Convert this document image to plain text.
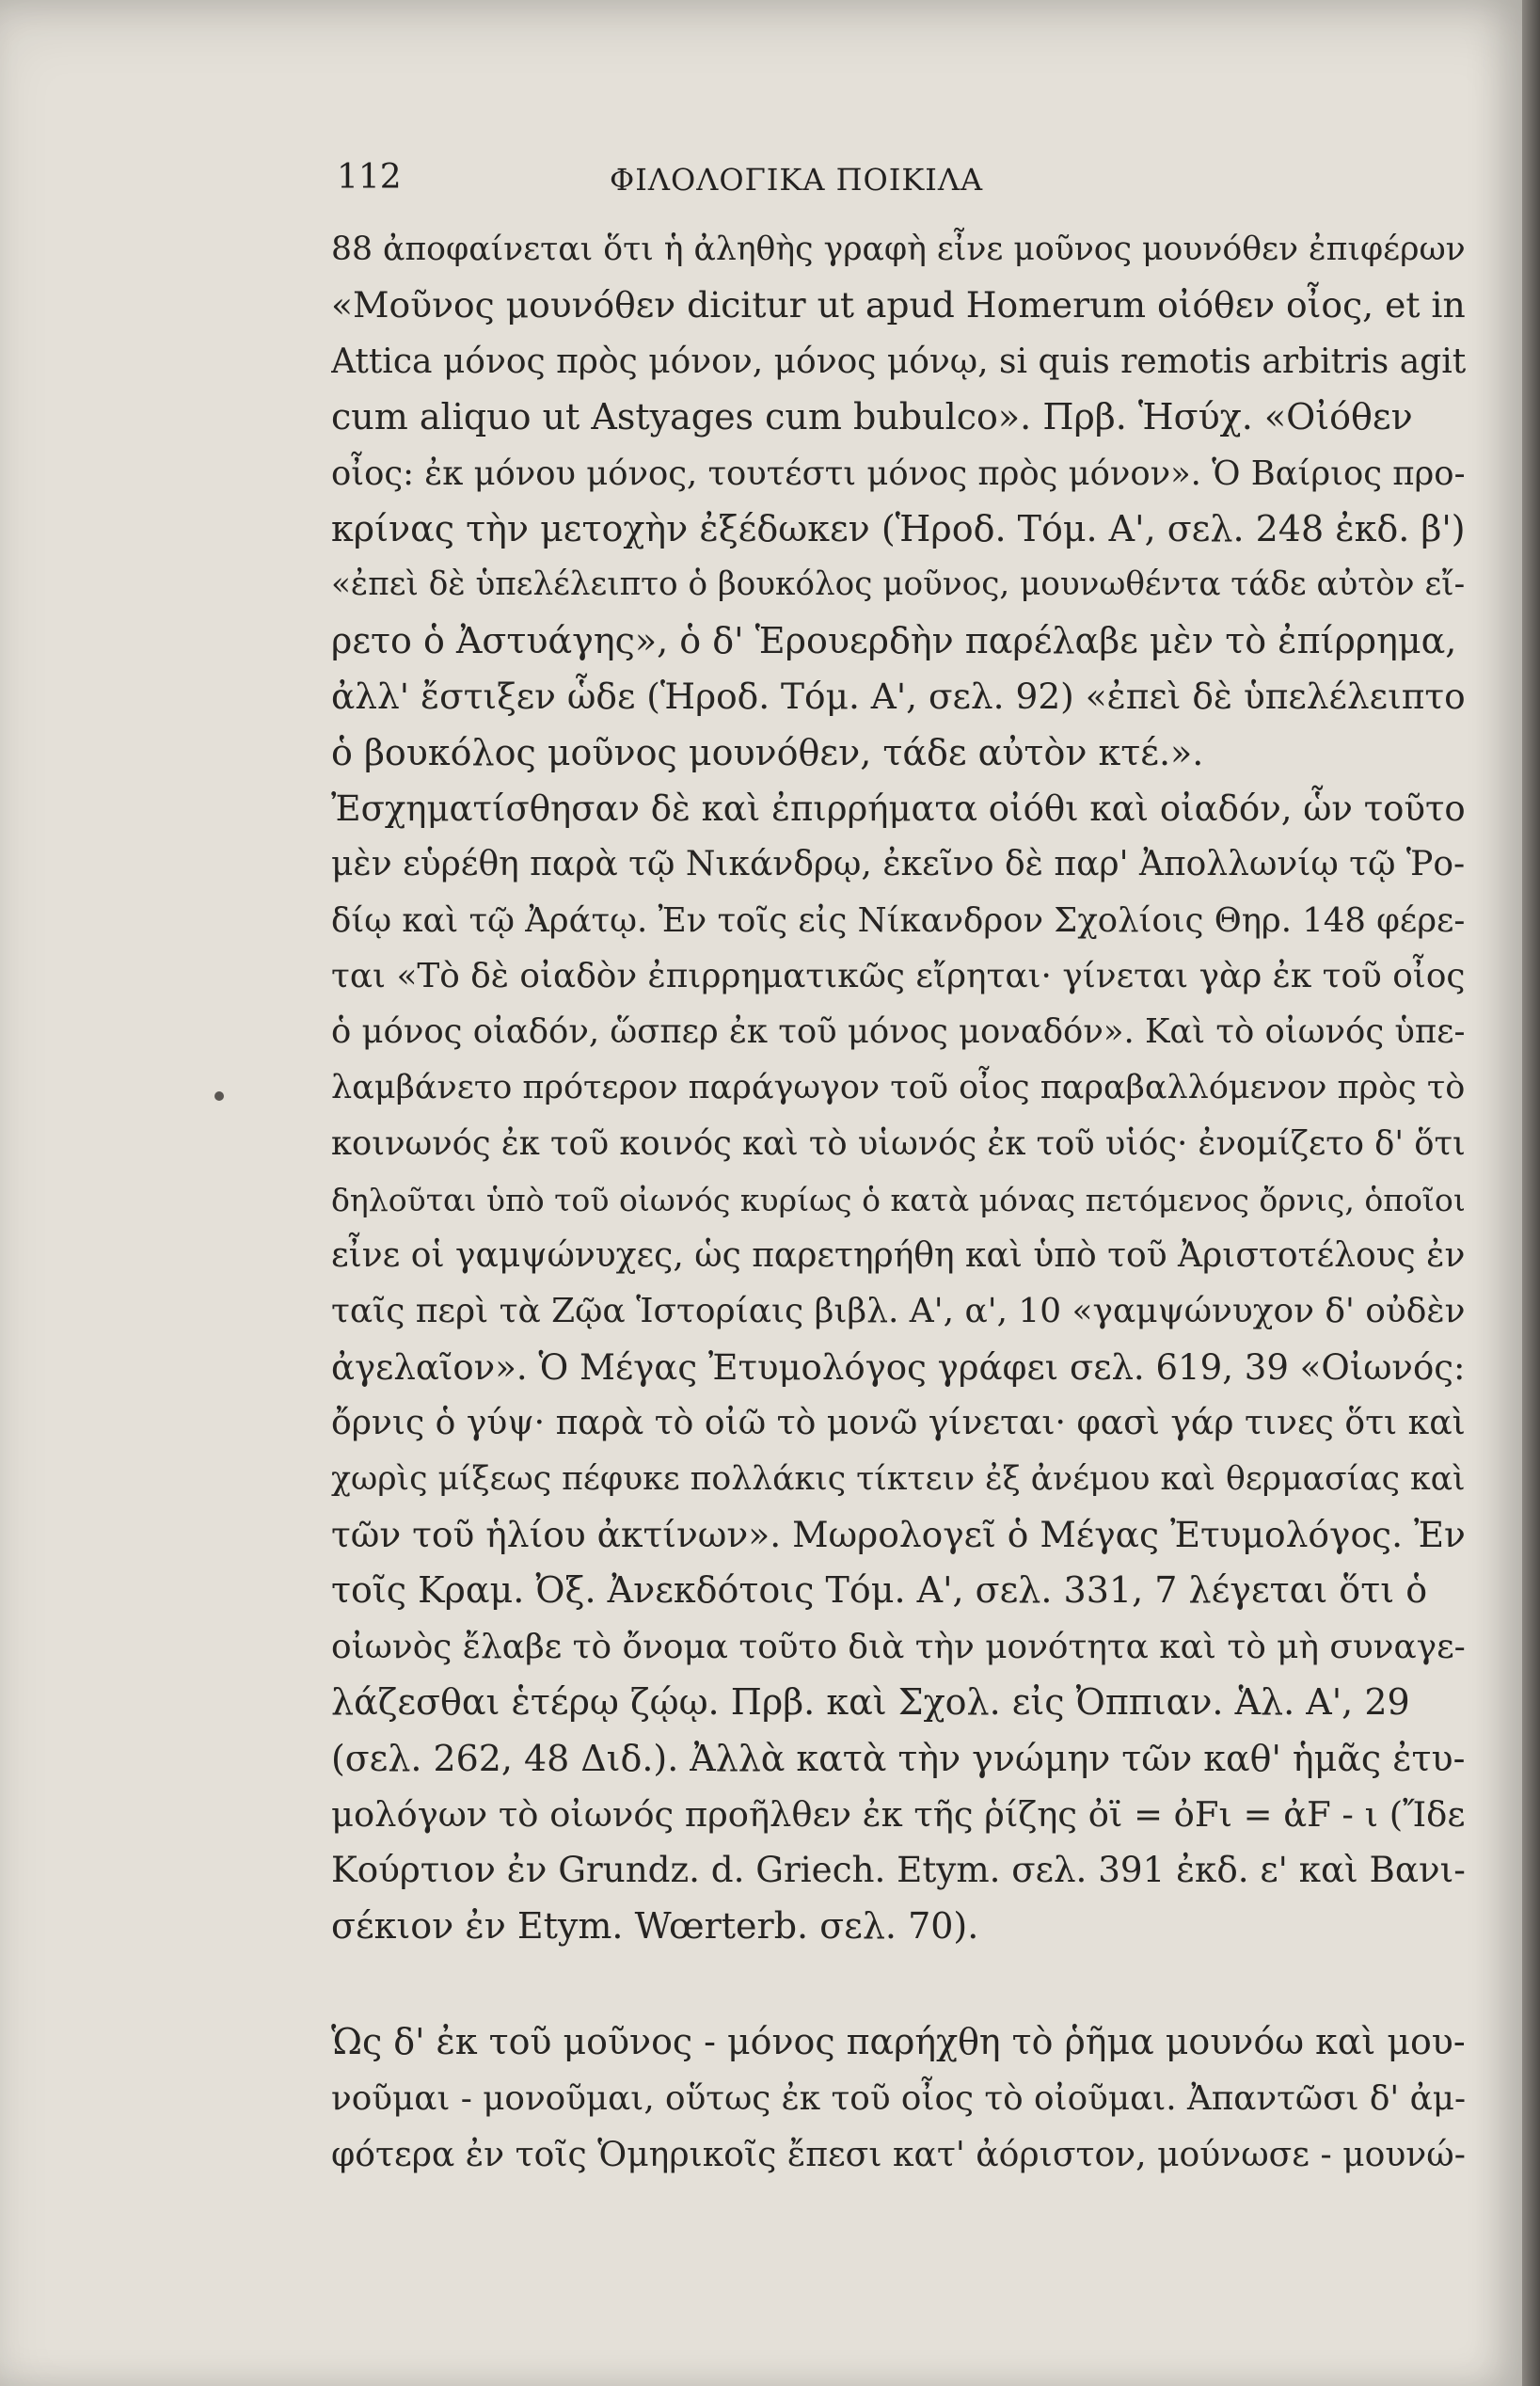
112	ΦΙΛΟΛΟΓΙΚΑ ΠΟΙΚΙΛΑ
88 ἀποφαίνεται ὅτι ἡ ἀληθὴς γραφὴ εἶνε μοῦνος μουνόθεν ἐπιφέρων
«Μοῦνος μουνόθεν dicitur ut apud Homerum οἰόθεν οἶος, et in
Attica μόνος πρὸς μόνον, μόνος μόνῳ, si quis remotis arbitris agit
cum aliquo ut Astyages cum bubulco». Πρβ. Ἡσύχ. «Οἰόθεν
οἶος: ἐκ μόνου μόνος, τουτέστι μόνος πρὸς μόνον». Ὁ Βαίριος προ-
κρίνας τὴν μετοχὴν ἐξέδωκεν (Ἡροδ. Τόμ. Α', σελ. 248 ἐκδ. β')
«ἐπεὶ δὲ ὑπελέλειπτο ὁ βουκόλος μοῦνος, μουνωθέντα τάδε αὐτὸν εἴ-
ρετο ὁ Ἀστυάγης», ὁ δ' Ἑρουερδὴν παρέλαβε μὲν τὸ ἐπίρρημα,
ἀλλ' ἔστιξεν ὧδε (Ἡροδ. Τόμ. Α', σελ. 92) «ἐπεὶ δὲ ὑπελέλειπτο
ὁ βουκόλος μοῦνος μουνόθεν, τάδε αὐτὸν κτέ.».
Ἐσχηματίσθησαν δὲ καὶ ἐπιρρήματα οἰόθι καὶ οἰαδόν, ὧν τοῦτο
μὲν εὑρέθη παρὰ τῷ Νικάνδρῳ, ἐκεῖνο δὲ παρ' Ἀπολλωνίῳ τῷ Ῥο-
δίῳ καὶ τῷ Ἀράτῳ. Ἐν τοῖς εἰς Νίκανδρον Σχολίοις Θηρ. 148 φέρε-
ται «Τὸ δὲ οἰαδὸν ἐπιρρηματικῶς εἴρηται· γίνεται γὰρ ἐκ τοῦ οἶος
ὁ μόνος οἰαδόν, ὥσπερ ἐκ τοῦ μόνος μοναδόν». Καὶ τὸ οἰωνός ὑπε-
λαμβάνετο πρότερον παράγωγον τοῦ οἶος παραβαλλόμενον πρὸς τὸ
κοινωνός ἐκ τοῦ κοινός καὶ τὸ υἱωνός ἐκ τοῦ υἱός· ἐνομίζετο δ' ὅτι
δηλοῦται ὑπὸ τοῦ οἰωνός κυρίως ὁ κατὰ μόνας πετόμενος ὄρνις, ὁποῖοι
εἶνε οἱ γαμψώνυχες, ὡς παρετηρήθη καὶ ὑπὸ τοῦ Ἀριστοτέλους ἐν
ταῖς περὶ τὰ Ζῷα Ἱστορίαις βιβλ. Α', α', 10 «γαμψώνυχον δ' οὐδὲν
ἀγελαῖον». Ὁ Μέγας Ἐτυμολόγος γράφει σελ. 619, 39 «Οἰωνός:
ὄρνις ὁ γύψ· παρὰ τὸ οἰῶ τὸ μονῶ γίνεται· φασὶ γάρ τινες ὅτι καὶ
χωρὶς μίξεως πέφυκε πολλάκις τίκτειν ἐξ ἀνέμου καὶ θερμασίας καὶ
τῶν τοῦ ἡλίου ἀκτίνων». Μωρολογεῖ ὁ Μέγας Ἐτυμολόγος. Ἐν
τοῖς Κραμ. Ὀξ. Ἀνεκδότοις Τόμ. Α', σελ. 331, 7 λέγεται ὅτι ὁ
οἰωνὸς ἔλαβε τὸ ὄνομα τοῦτο διὰ τὴν μονότητα καὶ τὸ μὴ συναγε-
λάζεσθαι ἑτέρῳ ζῴῳ. Πρβ. καὶ Σχολ. εἰς Ὀππιαν. Ἁλ. Α', 29
(σελ. 262, 48 Διδ.). Ἀλλὰ κατὰ τὴν γνώμην τῶν καθ' ἡμᾶς ἐτυ-
μολόγων τὸ οἰωνός προῆλθεν ἐκ τῆς ῥίζης ὀϊ = ὀFι = ἀF - ι (Ἴδε
Κούρτιον ἐν Grundz. d. Griech. Etym. σελ. 391 ἐκδ. ε' καὶ Βανι-
σέκιον ἐν Etym. Wœrterb. σελ. 70).
Ὡς δ' ἐκ τοῦ μοῦνος - μόνος παρήχθη τὸ ῥῆμα μουνόω καὶ μου-
νοῦμαι - μονοῦμαι, οὕτως ἐκ τοῦ οἶος τὸ οἰοῦμαι. Ἀπαντῶσι δ' ἀμ-
φότερα ἐν τοῖς Ὁμηρικοῖς ἔπεσι κατ' ἀόριστον, μούνωσε - μουνώ-
